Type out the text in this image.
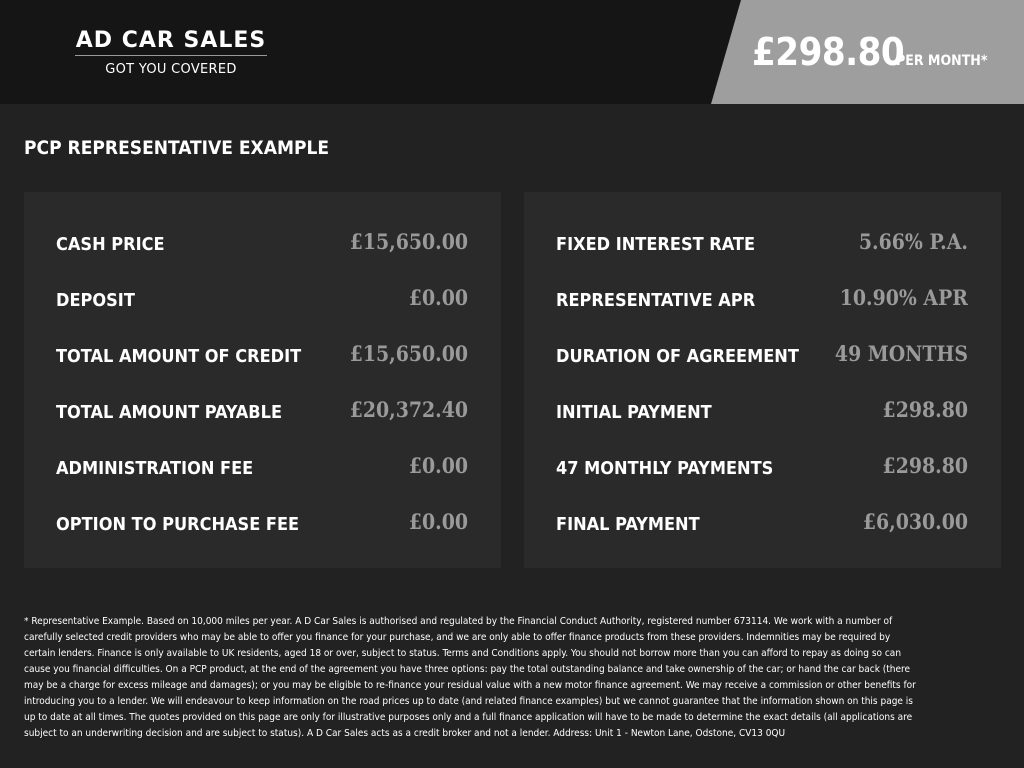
AD CAR SALES
GOT YOU COVERED	£298.80
PER MONTH*
PCP REPRESENTATIVE EXAMPLE
CASH PRICE	£15,650.00
DEPOSIT	£0.00
TOTAL AMOUNT OF CREDIT £15,650.00
TOTAL AMOUNT PAYABLE	£20,372.40
ADMINISTRATION FEE	£0.00
OPTION TO PURCHASE FEE	£0.00
FIXED INTEREST RATE	5.66% P.A.
REPRESENTATIVE APR	10.90% APR
DURATION OF AGREEMENT 49 MONTHS
INITIAL PAYMENT	£298.80
47 MONTHLY PAYMENTS	£298.80
FINAL PAYMENT	£6,030.00
* Representative Example. Based on 10,000 miles per year. A D Car Sales is authorised and regulated by the Financial Conduct Authority, registered number 673114. We work with a number of carefully selected credit providers who may be able to offer you finance for your purchase, and we are only able to offer finance products from these providers. Indemnities may be required by certain lenders. Finance is only available to UK residents, aged 18 or over, subject to status. Terms and Conditions apply. You should not borrow more than you can afford to repay as doing so can cause you financial difficulties. On a PCP product, at the end of the agreement you have three options: pay the total outstanding balance and take ownership of the car; or hand the car back (there may be a charge for excess mileage and damages); or you may be eligible to re-finance your residual value with a new motor finance agreement. We may receive a commission or other benefits for introducing you to a lender. We will endeavour to keep information on the road prices up to date (and related finance examples) but we cannot guarantee that the information shown on this page is up to date at all times. The quotes provided on this page are only for illustrative purposes only and a full finance application will have to be made to determine the exact details (all applications are subject to an underwriting decision and are subject to status). A D Car Sales acts as a credit broker and not a lender. Address: Unit 1 - Newton Lane, Odstone, CV13 0QU
